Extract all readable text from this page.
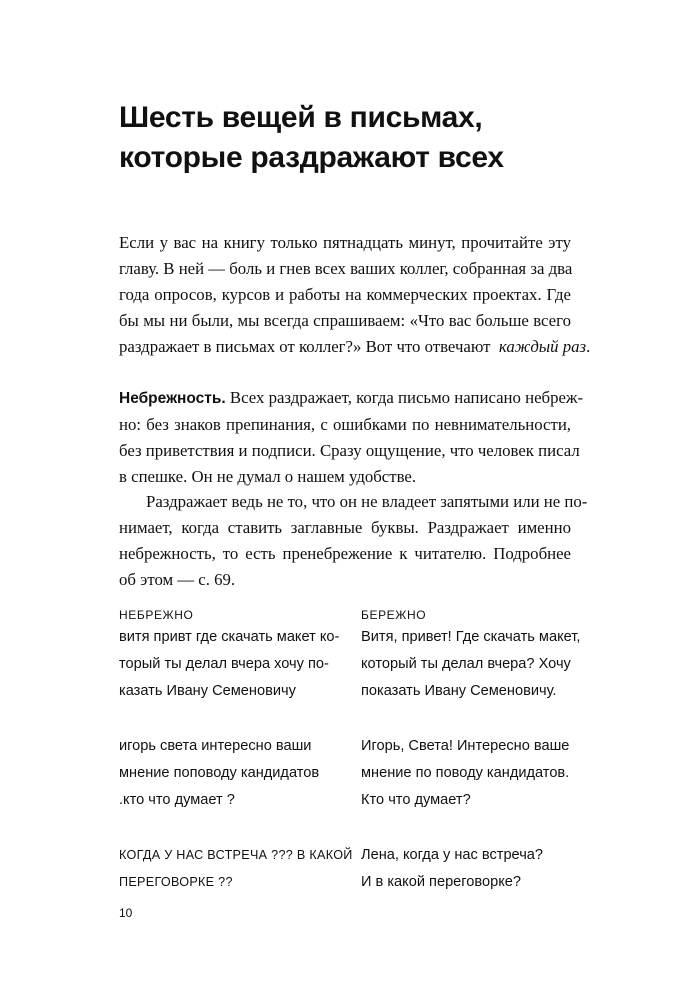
Шесть вещей в письмах,
которые раздражают всех
Если у вас на книгу только пятнадцать минут, прочитайте эту
главу. В ней — боль и гнев всех ваших коллег, собранная за два
года опросов, курсов и работы на коммерческих проектах. Где
бы мы ни были, мы всегда спрашиваем: «Что вас больше всего
раздражает в письмах от коллег?» Вот что отвечают каждый раз.
Небрежность. Всех раздражает, когда письмо написано небреж-
но: без знаков препинания, с ошибками по невнимательности,
без приветствия и подписи. Сразу ощущение, что человек писал
в спешке. Он не думал о нашем удобстве.
Раздражает ведь не то, что он не владеет запятыми или не по-
нимает, когда ставить заглавные буквы. Раздражает именно
небрежность, то есть пренебрежение к читателю. Подробнее
об этом — с. 69.
НЕБРЕЖНО
витя привт где скачать макет ко-
торый ты делал вчера хочу по-
казать Ивану Семеновичу
игорь света интересно ваши
мнение поповоду кандидатов
.кто что думает ?
КОГДА У НАС ВСТРЕЧА ??? В КАКОЙ
ПЕРЕГОВОРКЕ ??
БЕРЕЖНО
Витя, привет! Где скачать макет,
который ты делал вчера? Хочу
показать Ивану Семеновичу.
Игорь, Света! Интересно ваше
мнение по поводу кандидатов.
Кто что думает?
Лена, когда у нас встреча?
И в какой переговорке?
10
